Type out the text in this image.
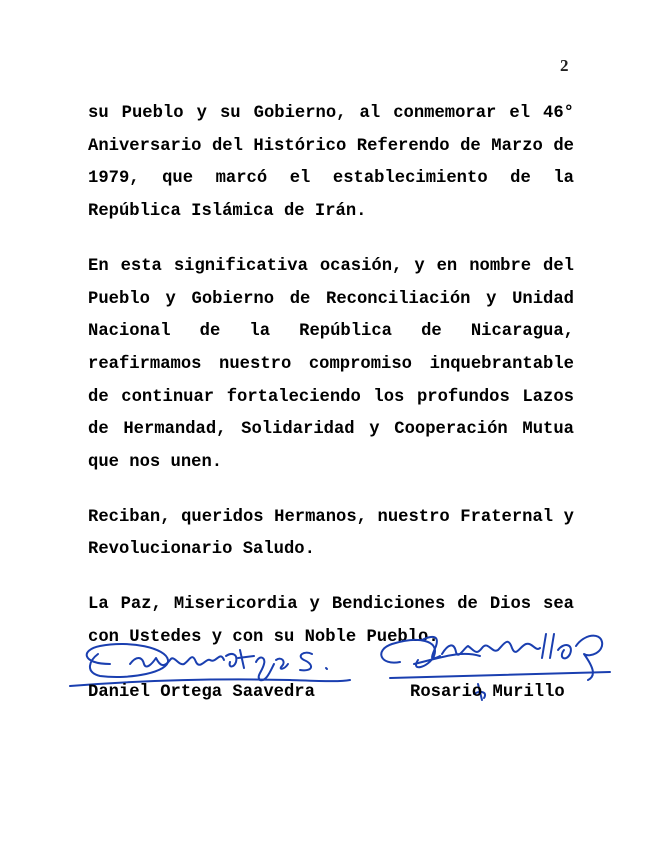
2

su Pueblo y su Gobierno, al conmemorar el 46° Aniversario del Histórico Referendo de Marzo de 1979, que marcó el establecimiento de la República Islámica de Irán.

En esta significativa ocasión, y en nombre del Pueblo y Gobierno de Reconciliación y Unidad Nacional de la República de Nicaragua, reafirmamos nuestro compromiso inquebrantable de continuar fortaleciendo los profundos Lazos de Hermandad, Solidaridad y Cooperación Mutua que nos unen.

Reciban, queridos Hermanos, nuestro Fraternal y Revolucionario Saludo.

La Paz, Misericordia y Bendiciones de Dios sea con Ustedes y con su Noble Pueblo.

Daniel Ortega Saavedra	Rosario Murillo
